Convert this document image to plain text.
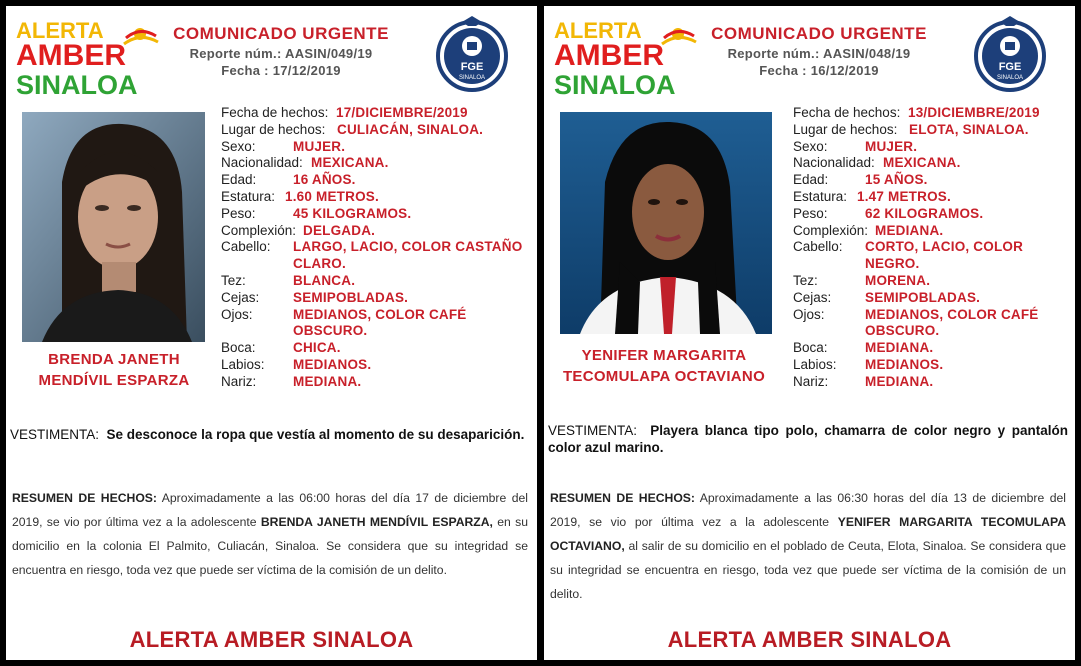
ALERTA
AMBER
SINALOA
COMUNICADO URGENTE
Reporte núm.: AASIN/049/19
Fecha : 17/12/2019	FGE
SINALOA
BRENDA JANETH
MENDÍVIL ESPARZA
Fecha de hechos: 17/DICIEMBRE/2019
Lugar de hechos: CULIACÁN, SINALOA.
Sexo:	MUJER.
Nacionalidad: MEXICANA.
Edad:	16 AÑOS.
Estatura: 1.60 METROS.
Peso:	45 KILOGRAMOS.
Complexión: DELGADA.
Cabello:	LARGO, LACIO, COLOR CASTAÑO CLARO.
Tez:	BLANCA.
Cejas:	SEMIPOBLADAS.
Ojos:	MEDIANOS, COLOR CAFÉ OBSCURO.
Boca:	CHICA.
Labios:	MEDIANOS.
Nariz:	MEDIANA.
VESTIMENTA: Se desconoce la ropa que vestía al momento de su desaparición.
RESUMEN DE HECHOS: Aproximadamente a las 06:00 horas del día 17 de diciembre del 2019, se vio por última vez a la adolescente BRENDA JANETH MENDÍVIL ESPARZA, en su domicilio en la colonia El Palmito, Culiacán, Sinaloa. Se considera que su integridad se encuentra en riesgo, toda vez que puede ser víctima de la comisión de un delito.
ALERTA AMBER SINALOA
ALERTA
AMBER
SINALOA
COMUNICADO URGENTE
Reporte núm.: AASIN/048/19
Fecha : 16/12/2019	FGE
SINALOA
YENIFER MARGARITA
TECOMULAPA OCTAVIANO
Fecha de hechos: 13/DICIEMBRE/2019
Lugar de hechos: ELOTA, SINALOA.
Sexo:	MUJER.
Nacionalidad: MEXICANA.
Edad:	15 AÑOS.
Estatura: 1.47 METROS.
Peso:	62 KILOGRAMOS.
Complexión: MEDIANA.
Cabello:	CORTO, LACIO, COLOR NEGRO.
Tez:	MORENA.
Cejas:	SEMIPOBLADAS.
Ojos:	MEDIANOS, COLOR CAFÉ OBSCURO.
Boca:	MEDIANA.
Labios:	MEDIANOS.
Nariz:	MEDIANA.
VESTIMENTA: Playera blanca tipo polo, chamarra de color negro y pantalón color azul marino.
RESUMEN DE HECHOS: Aproximadamente a las 06:30 horas del día 13 de diciembre del 2019, se vio por última vez a la adolescente YENIFER MARGARITA TECOMULAPA OCTAVIANO, al salir de su domicilio en el poblado de Ceuta, Elota, Sinaloa. Se considera que su integridad se encuentra en riesgo, toda vez que puede ser víctima de la comisión de un delito.
ALERTA AMBER SINALOA
